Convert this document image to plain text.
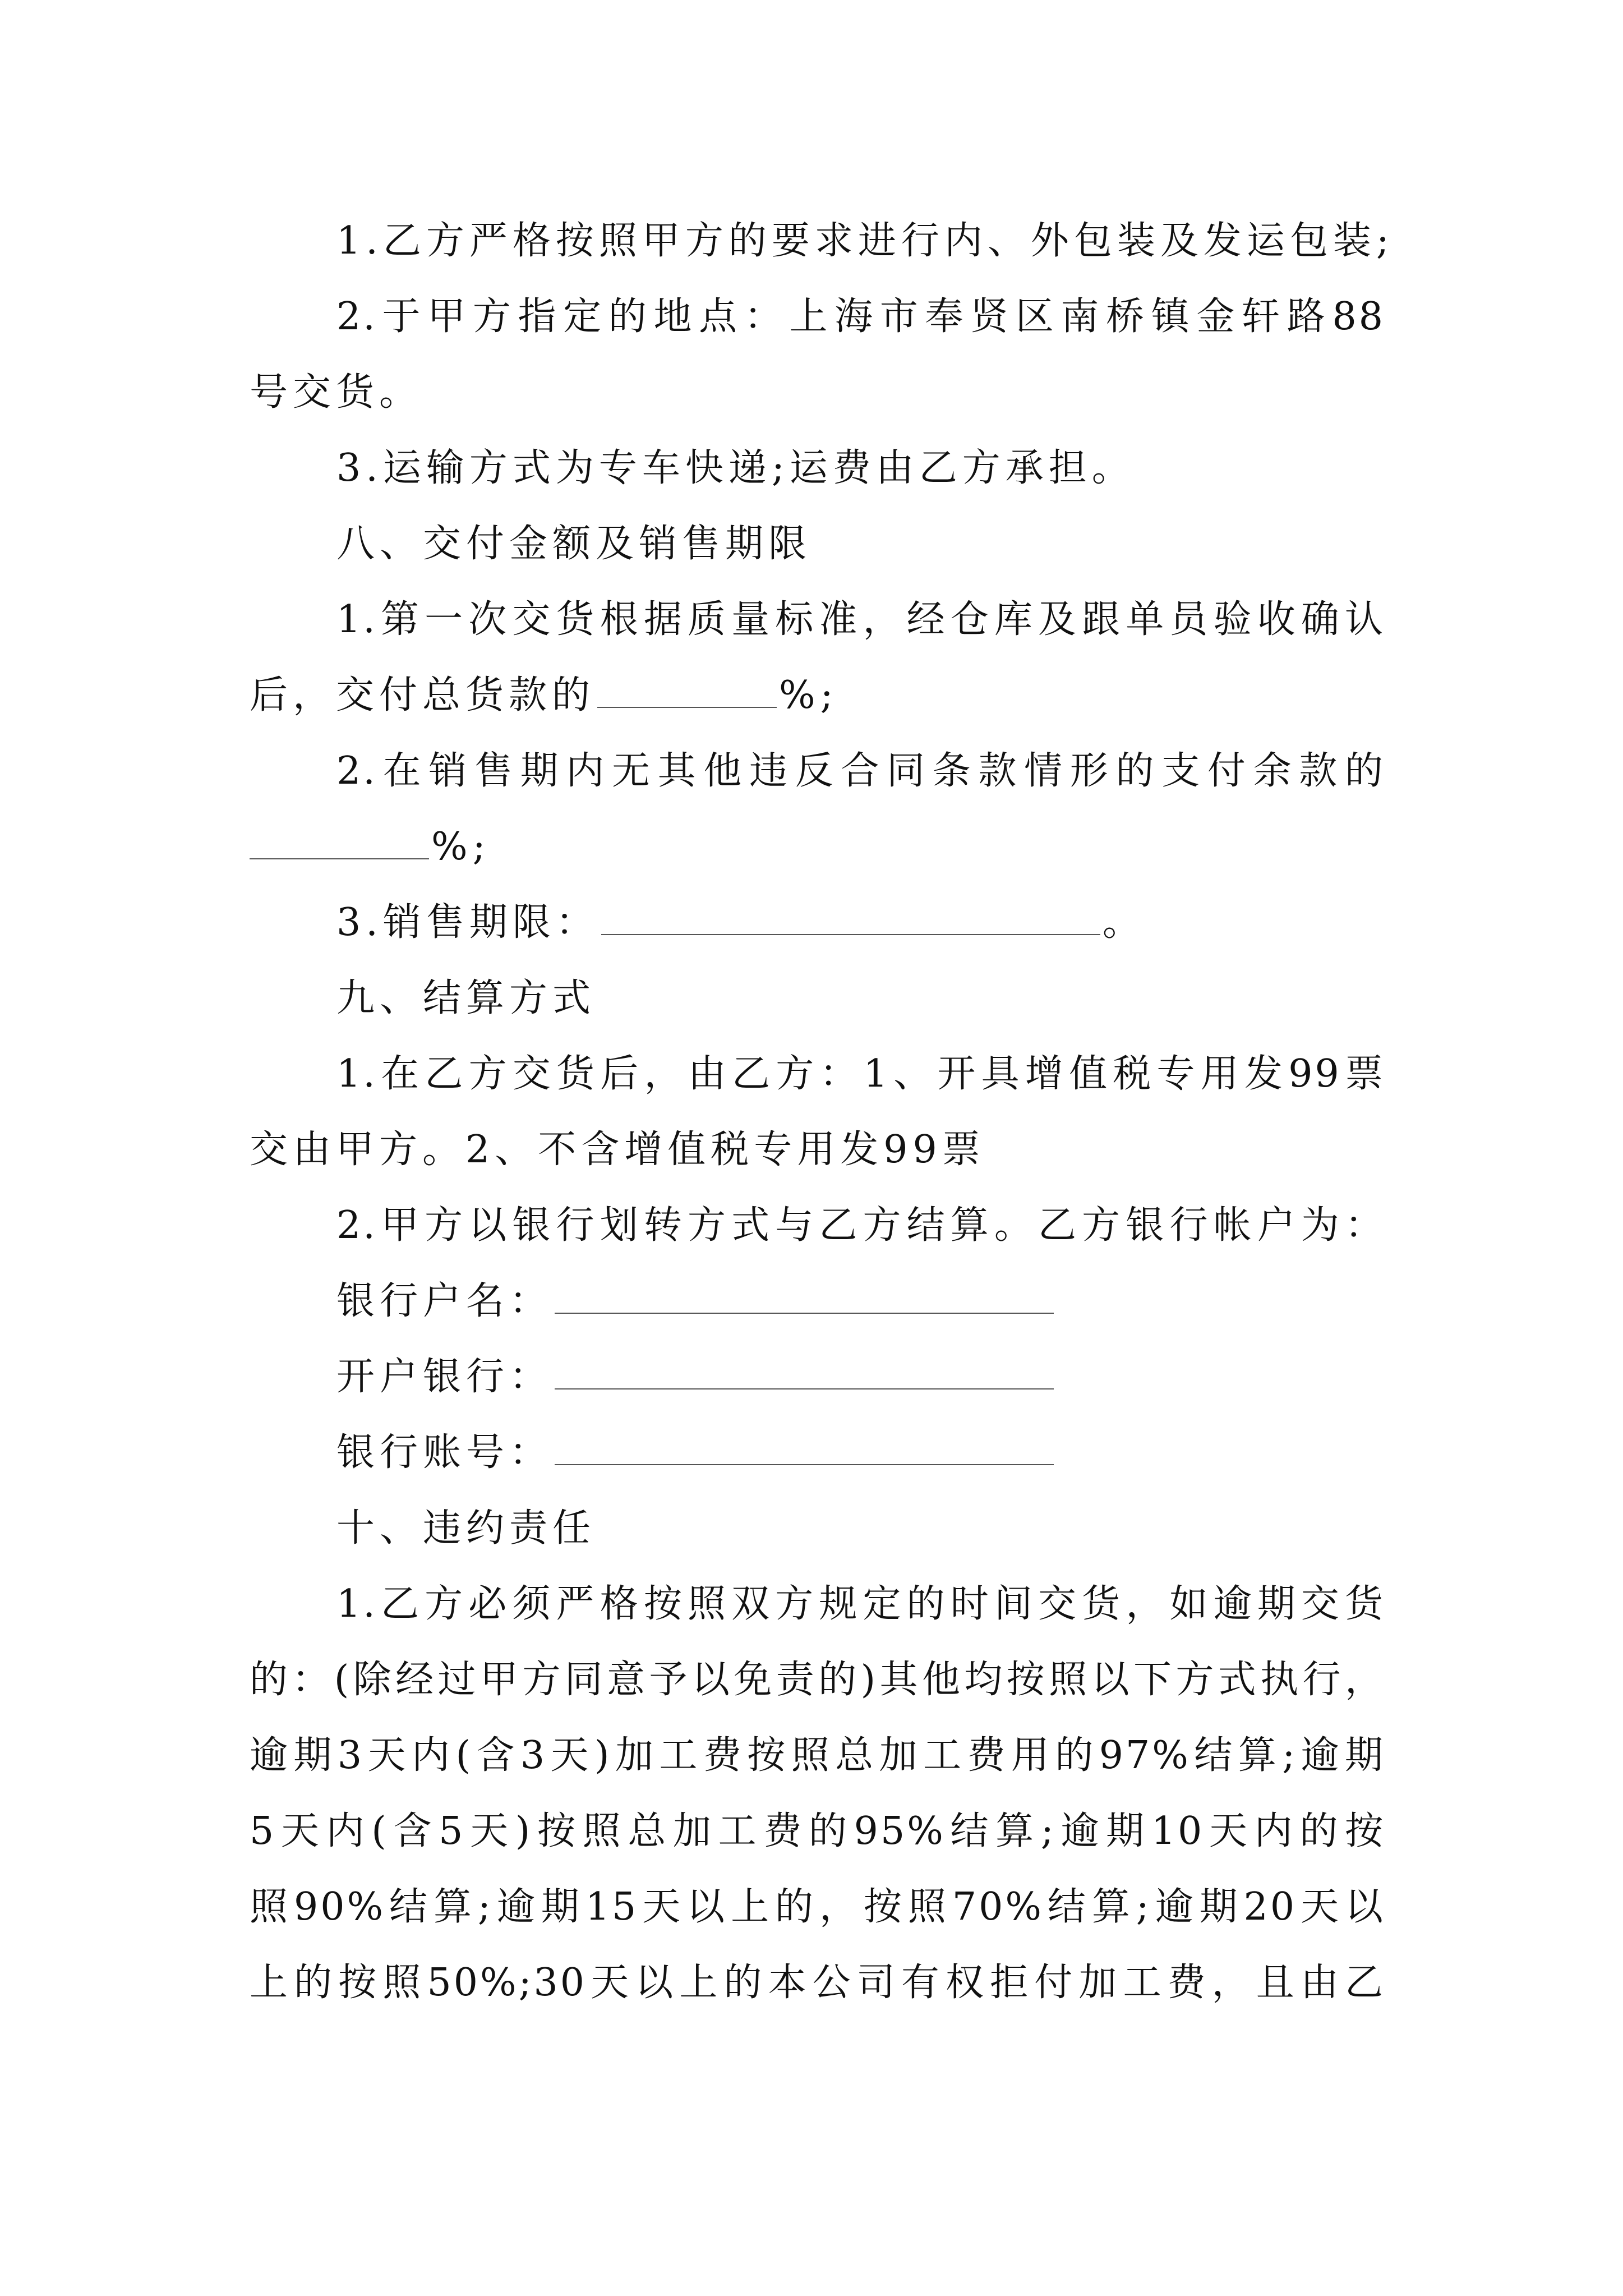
1.乙方严格按照甲方的要求进行内、外包装及发运包装;
2.于甲方指定的地点：上海市奉贤区南桥镇金轩路88
号交货。
3.运输方式为专车快递;运费由乙方承担。
八、交付金额及销售期限
1.第一次交货根据质量标准，经仓库及跟单员验收确认
后，交付总货款的	%;
2.在销售期内无其他违反合同条款情形的支付余款的
%;
3.销售期限：	。
九、结算方式
1.在乙方交货后，由乙方：1、开具增值税专用发99票
交由甲方。2、不含增值税专用发99票
2.甲方以银行划转方式与乙方结算。乙方银行帐户为：
银行户名：
开户银行：
银行账号：
十、违约责任
1.乙方必须严格按照双方规定的时间交货，如逾期交货
的：(除经过甲方同意予以免责的)其他均按照以下方式执行，
逾期3天内(含3天)加工费按照总加工费用的97%结算;逾期
5天内(含5天)按照总加工费的95%结算;逾期10天内的按
照90%结算;逾期15天以上的，按照70%结算;逾期20天以
上的按照50%;30天以上的本公司有权拒付加工费，且由乙
